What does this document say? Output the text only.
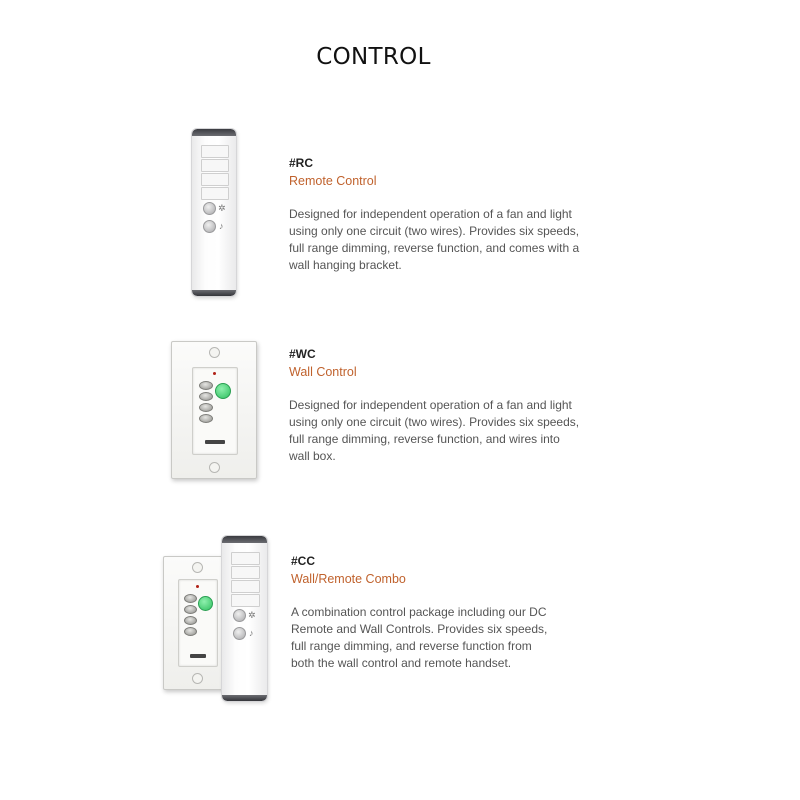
CONTROL
✲
♪
#RC
Remote Control
Designed for independent operation of a fan and light using only one circuit (two wires). Provides six speeds, full range dimming, reverse function, and comes with a wall hanging bracket.
#WC
Wall Control
Designed for independent operation of a fan and light using only one circuit (two wires). Provides six speeds, full range dimming, reverse function, and wires into wall box.
✲
♪
#CC
Wall/Remote Combo
A combination control package including our DC Remote and Wall Controls. Provides six speeds, full range dimming, and reverse function from both the wall control and remote handset.
